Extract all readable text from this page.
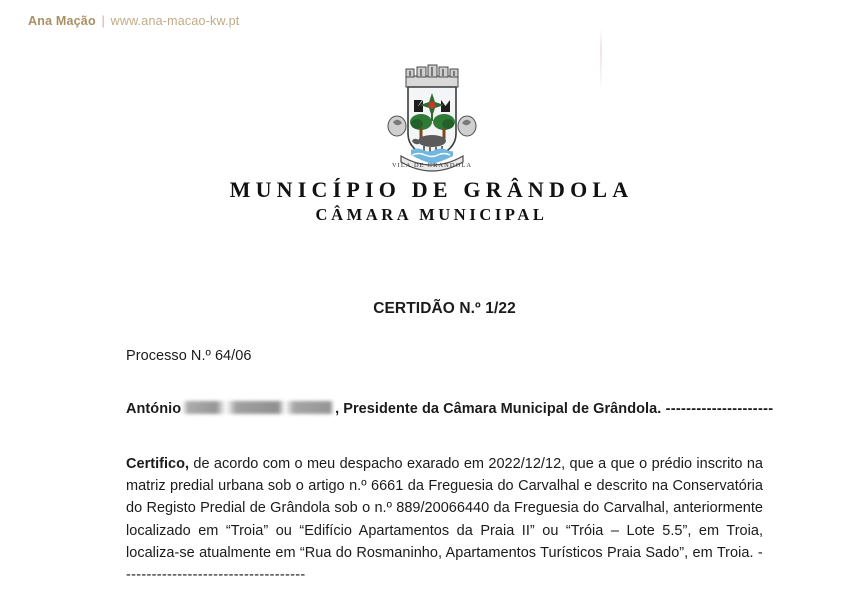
VILA DE GRANDOLA
MUNICÍPIO DE GRÂNDOLA
CÂMARA MUNICIPAL
CERTIDÃO N.º 1/22
Processo N.º 64/06
António	, Presidente da Câmara Municipal de Grândola. ---------------------

Certifico, de acordo com o meu despacho exarado em 2022/12/12, que a que o prédio inscrito na matriz predial urbana sob o artigo n.º 6661 da Freguesia do Carvalhal e descrito na Conservatória do Registo Predial de Grândola sob o n.º 889/20066440 da Freguesia do Carvalhal, anteriormente localizado em “Troia” ou “Edifício Apartamentos da Praia II” ou “Tróia – Lote 5.5”, em Troia, localiza-se atualmente em “Rua do Rosmaninho, Apartamentos Turísticos Praia Sado”, em Troia. ------------------------------------

Ana Mação | www.ana-macao-kw.pt
